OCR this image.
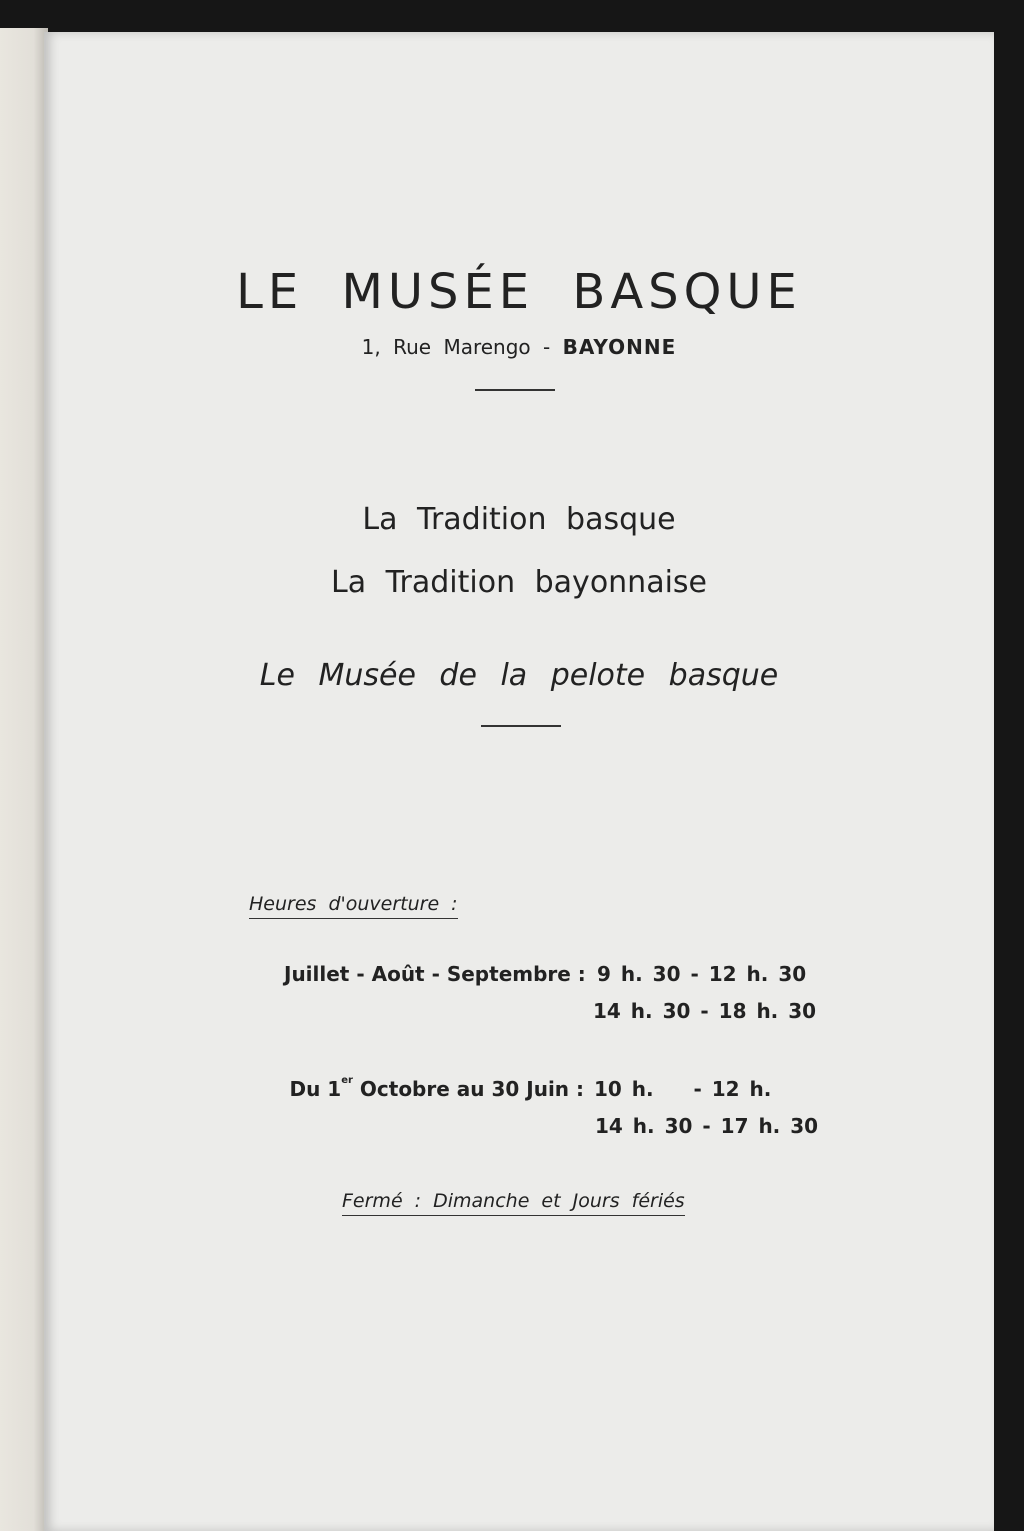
LE MUSÉE BASQUE
1, Rue Marengo - BAYONNE
La Tradition basque
La Tradition bayonnaise
Le Musée de la pelote basque
Heures d'ouverture :
Juillet - Août - Septembre : 9 h. 30 - 12 h. 30
14 h. 30 - 18 h. 30
Du 1er Octobre au 30 Juin : 10 h.    - 12 h.
14 h. 30 - 17 h. 30
Fermé : Dimanche et Jours fériés
